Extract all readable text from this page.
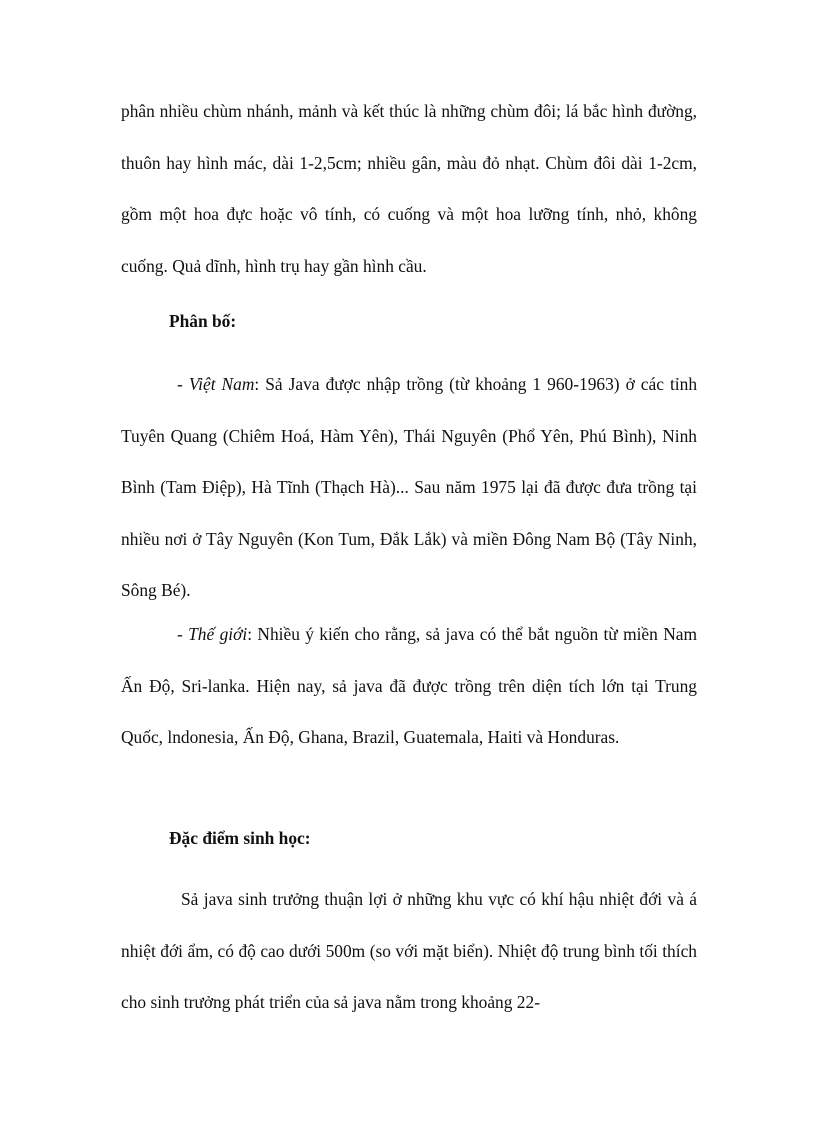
phân nhiều chùm nhánh, mảnh và kết thúc là những chùm đôi; lá bắc hình đường, thuôn hay hình mác, dài 1-2,5cm; nhiều gân, màu đỏ nhạt. Chùm đôi dài 1-2cm, gồm một hoa đực hoặc vô tính, có cuống và một hoa lưỡng tính, nhỏ, không cuống. Quả dĩnh, hình trụ hay gần hình cầu.

Phân bố:

- Việt Nam: Sả Java được nhập trồng (từ khoảng 1 960-1963) ở các tỉnh Tuyên Quang (Chiêm Hoá, Hàm Yên), Thái Nguyên (Phổ Yên, Phú Bình), Ninh Bình (Tam Điệp), Hà Tĩnh (Thạch Hà)... Sau năm 1975 lại đã được đưa trồng tại nhiều nơi ở Tây Nguyên (Kon Tum, Đắk Lắk) và miền Đông Nam Bộ (Tây Ninh, Sông Bé).

- Thế giới: Nhiều ý kiến cho rằng, sả java có thể bắt nguồn từ miền Nam Ấn Độ, Sri-lanka. Hiện nay, sả java đã được trồng trên diện tích lớn tại Trung Quốc, lndonesia, Ấn Độ, Ghana, Brazil, Guatemala, Haiti và Honduras.

Đặc điểm sinh học:

Sả java sinh trưởng thuận lợi ở những khu vực có khí hậu nhiệt đới và á nhiệt đới ẩm, có độ cao dưới 500m (so với mặt biển). Nhiệt độ trung bình tối thích cho sinh trưởng phát triển của sả java nằm trong khoảng 22-
